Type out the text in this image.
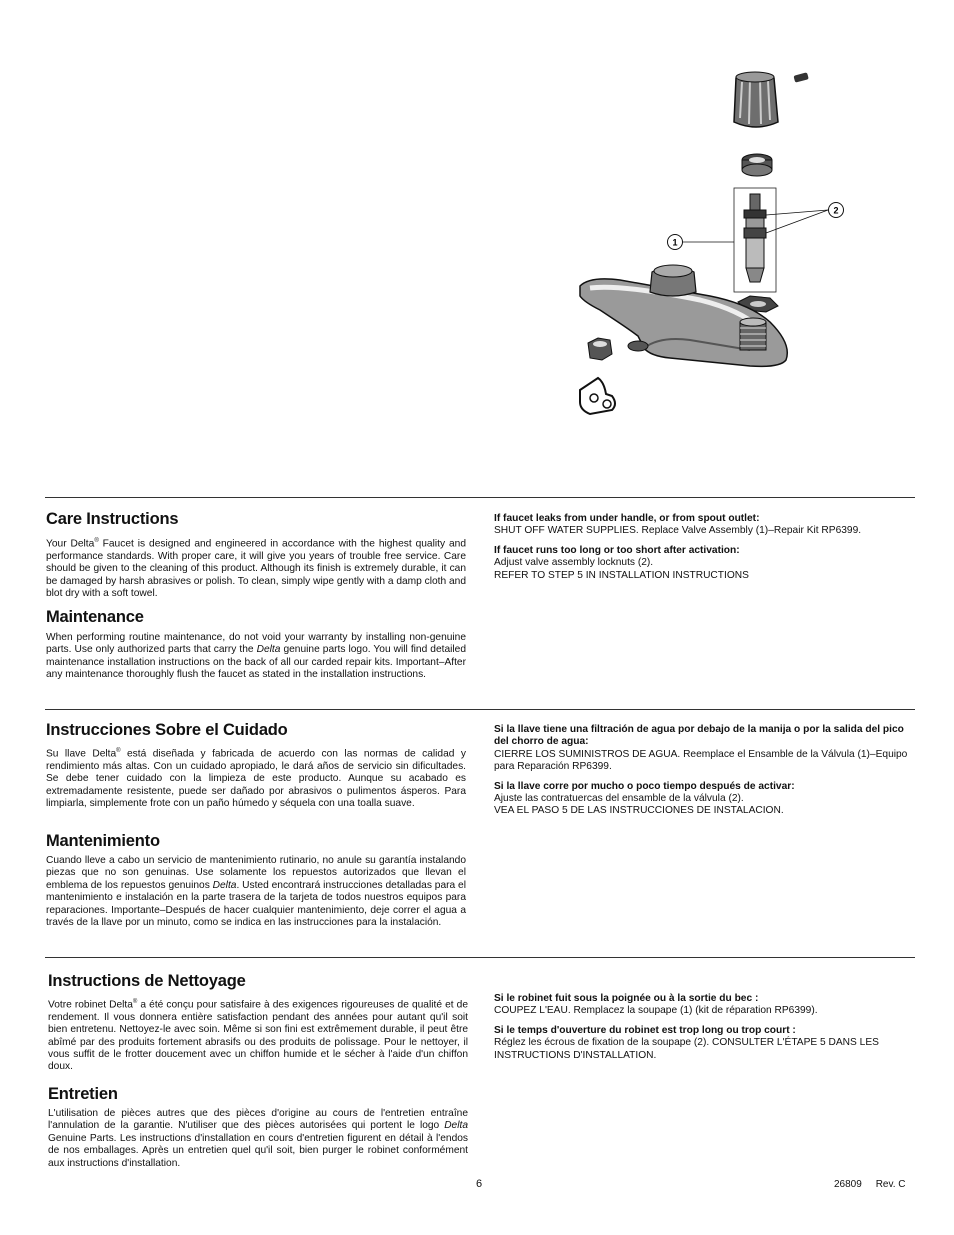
1
2
Care Instructions
Your Delta® Faucet is designed and engineered in accordance with the highest quality and performance standards. With proper care, it will give you years of trouble free service. Care should be given to the cleaning of this product. Although its finish is extremely durable, it can be damaged by harsh abrasives or polish. To clean, simply wipe gently with a damp cloth and blot dry with a soft towel.
Maintenance
When performing routine maintenance, do not void your warranty by installing non-genuine parts. Use only authorized parts that carry the Delta genuine parts logo. You will find detailed maintenance installation instructions on the back of all our carded repair kits. Important–After any maintenance thoroughly flush the faucet as stated in the installation instructions.

If faucet leaks from under handle, or from spout outlet:
SHUT OFF WATER SUPPLIES. Replace Valve Assembly (1)–Repair Kit RP6399.

If faucet runs too long or too short after activation:
Adjust valve assembly locknuts (2).
REFER TO STEP 5 IN INSTALLATION INSTRUCTIONS

Instrucciones Sobre el Cuidado
Su llave Delta® está diseñada y fabricada de acuerdo con las normas de calidad y rendimiento más altas. Con un cuidado apropiado, le dará años de servicio sin dificultades. Se debe tener cuidado con la limpieza de este producto. Aunque su acabado es extremadamente resistente, puede ser dañado por abrasivos o pulimentos ásperos. Para limpiarla, simplemente frote con un paño húmedo y séquela con una toalla suave.
Mantenimiento
Cuando lleve a cabo un servicio de mantenimiento rutinario, no anule su garantía instalando piezas que no son genuinas. Use solamente los repuestos autorizados que llevan el emblema de los repuestos genuinos Delta. Usted encontrará instrucciones detalladas para el mantenimiento e instalación en la parte trasera de la tarjeta de todos nuestros equipos para reparaciones. Importante–Después de hacer cualquier mantenimiento, deje correr el agua a través de la llave por un minuto, como se indica en las instrucciones para la instalación.

Si la llave tiene una filtración de agua por debajo de la manija o por la salida del pico del chorro de agua:
CIERRE LOS SUMINISTROS DE AGUA. Reemplace el Ensamble de la Válvula (1)–Equipo para Reparación RP6399.

Si la llave corre por mucho o poco tiempo después de activar:
Ajuste las contratuercas del ensamble de la válvula (2).
VEA EL PASO 5 DE LAS INSTRUCCIONES DE INSTALACION.

Instructions de Nettoyage
Votre robinet Delta® a été conçu pour satisfaire à des exigences rigoureuses de qualité et de rendement. Il vous donnera entière satisfaction pendant des années pour autant qu'il soit bien entretenu. Nettoyez-le avec soin. Même si son fini est extrêmement durable, il peut être abîmé par des produits fortement abrasifs ou des produits de polissage. Pour le nettoyer, il vous suffit de le frotter doucement avec un chiffon humide et le sécher à l'aide d'un chiffon doux.
Entretien
L'utilisation de pièces autres que des pièces d'origine au cours de l'entretien entraîne l'annulation de la garantie. N'utiliser que des pièces autorisées qui portent le logo Delta Genuine Parts. Les instructions d'installation en cours d'entretien figurent en détail à l'endos de nos emballages. Après un entretien quel qu'il soit, bien purger le robinet conformément aux instructions d'installation.

Si le robinet fuit sous la poignée ou à la sortie du bec :
COUPEZ L'EAU. Remplacez la soupape (1) (kit de réparation RP6399).

Si le temps d'ouverture du robinet est trop long ou trop court :
Réglez les écrous de fixation de la soupape (2). CONSULTER L'ÉTAPE 5 DANS LES INSTRUCTIONS D'INSTALLATION.

6	26809     Rev. C
